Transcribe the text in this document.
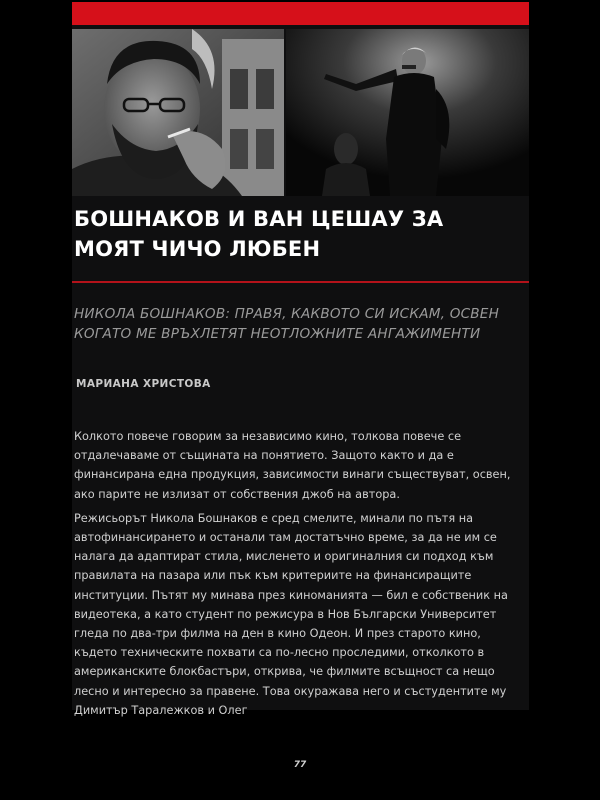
БОШНАКОВ И ВАН ЦЕШАУ ЗА МОЯТ ЧИЧО ЛЮБЕН

НИКОЛА БОШНАКОВ: ПРАВЯ, КАКВОТО СИ ИСКАМ, ОСВЕН КОГАТО МЕ ВРЪХЛЕТЯТ НЕОТЛОЖНИТЕ АНГАЖИМЕНТИ

МАРИАНА ХРИСТОВА

Колкото повече говорим за независимо кино, толкова повече се отдалечаваме от същината на понятието. Защото както и да е финансирана една продукция, зависимости винаги съществуват, освен, ако парите не излизат от собствения джоб на автора.

Режисьорът Никола Бошнаков е сред смелите, минали по пътя на автофинансирането и останали там достатъчно време, за да не им се налага да адаптират стила, мисленето и оригиналния си подход към правилата на пазара или пък към критериите на финансиращите институции. Пътят му минава през киноманията — бил е собственик на видеотека, а като студент по режисура в Нов Български Университет гледа по два-три филма на ден в кино Одеон. И през старото кино, където техническите похвати са по-лесно проследими, отколкото в американските блокбастъри, открива, че филмите всъщност са нещо лесно и интересно за правене. Това окуражава него и състудентите му Димитър Таралежков и Олег

77
